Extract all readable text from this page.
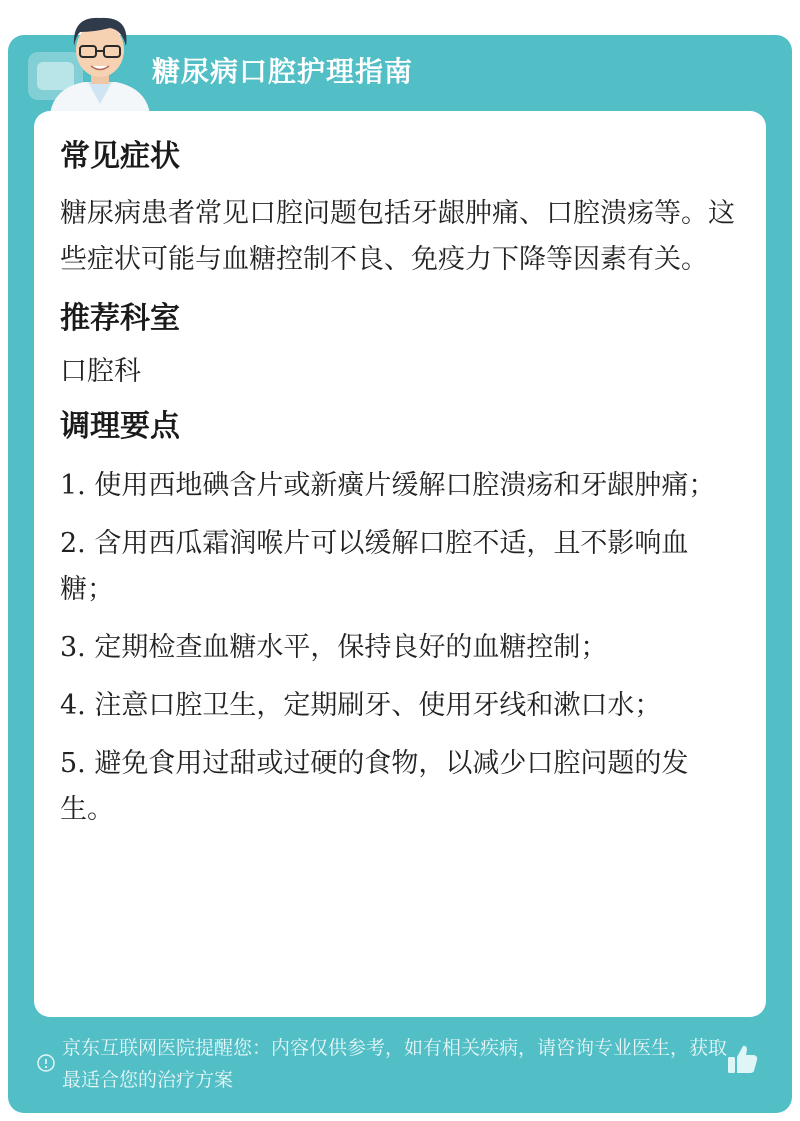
糖尿病口腔护理指南
常见症状
糖尿病患者常见口腔问题包括牙龈肿痛、口腔溃疡等。这些症状可能与血糖控制不良、免疫力下降等因素有关。
推荐科室
口腔科
调理要点
1. 使用西地碘含片或新癀片缓解口腔溃疡和牙龈肿痛；
2. 含用西瓜霜润喉片可以缓解口腔不适，且不影响血糖；
3. 定期检查血糖水平，保持良好的血糖控制；
4. 注意口腔卫生，定期刷牙、使用牙线和漱口水；
5. 避免食用过甜或过硬的食物，以减少口腔问题的发生。
京东互联网医院提醒您：内容仅供参考，如有相关疾病，请咨询专业医生，获取最适合您的治疗方案
